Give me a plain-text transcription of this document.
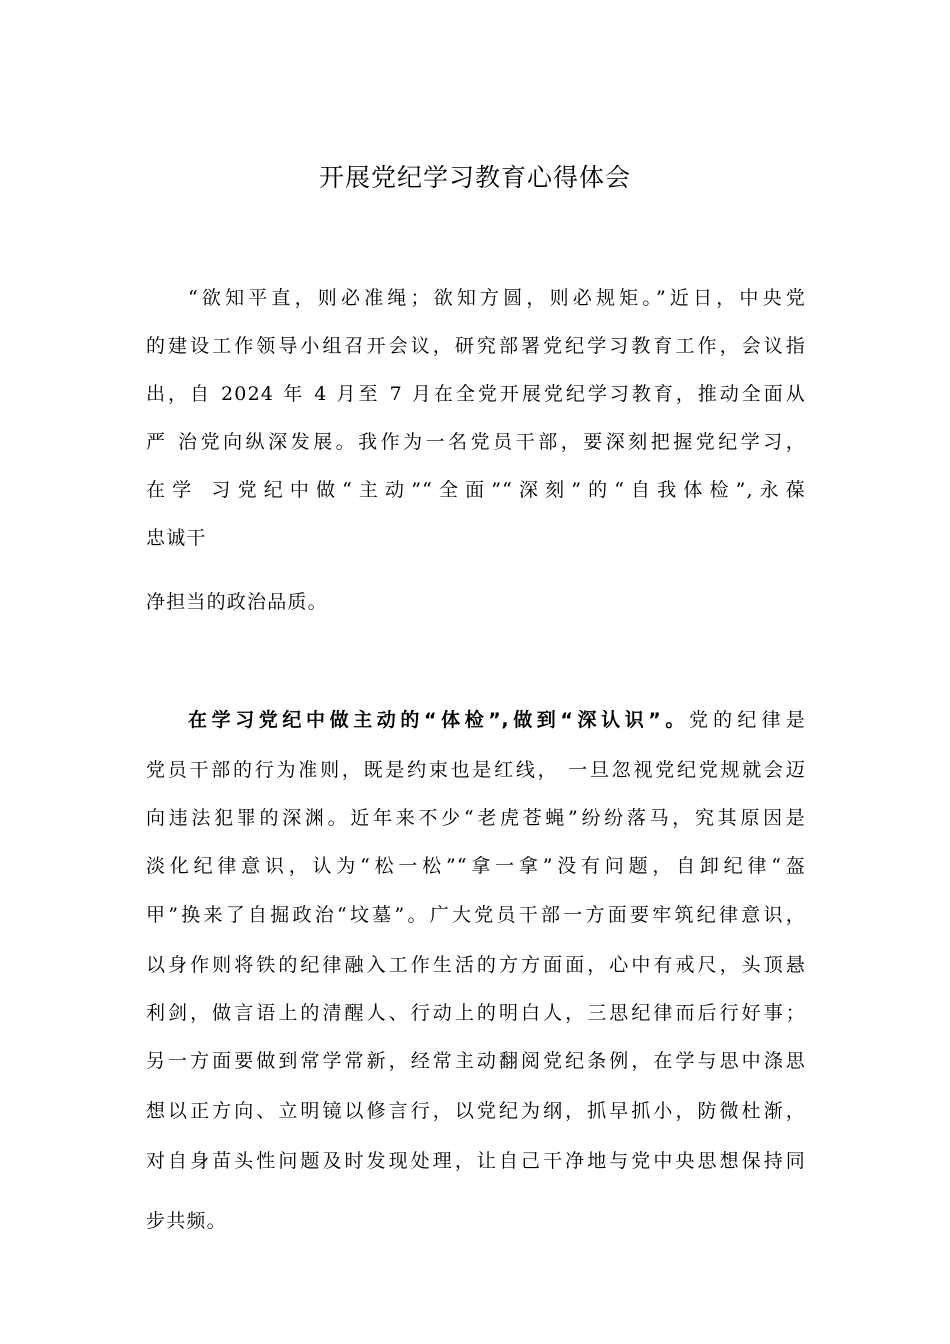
开展党纪学习教育心得体会
“欲知平直，则必准绳；欲知方圆，则必规矩。”近日，中央党
的建设工作领导小组召开会议，研究部署党纪学习教育工作，会议指
出，自 2024 年 4 月至 7 月在全党开展党纪学习教育，推动全面从
严 治党向纵深发展。我作为一名党员干部，要深刻把握党纪学习，
在学 习党纪中做“主动”“全面”“深刻”的“自我体检”,永葆
忠诚干
净担当的政治品质。
在学习党纪中做主动的“体检”,做到“深认识”。党的纪律是
党员干部的行为准则，既是约束也是红线， 一旦忽视党纪党规就会迈
向违法犯罪的深渊。近年来不少“老虎苍蝇”纷纷落马，究其原因是
淡化纪律意识，认为“松一松”“拿一拿”没有问题，自卸纪律“盔
甲”换来了自掘政治“坟墓”。广大党员干部一方面要牢筑纪律意识，
以身作则将铁的纪律融入工作生活的方方面面，心中有戒尺，头顶悬
利剑，做言语上的清醒人、行动上的明白人，三思纪律而后行好事；
另一方面要做到常学常新，经常主动翻阅党纪条例，在学与思中涤思
想以正方向、立明镜以修言行，以党纪为纲，抓早抓小，防微杜渐，
对自身苗头性问题及时发现处理，让自己干净地与党中央思想保持同
步共频。
